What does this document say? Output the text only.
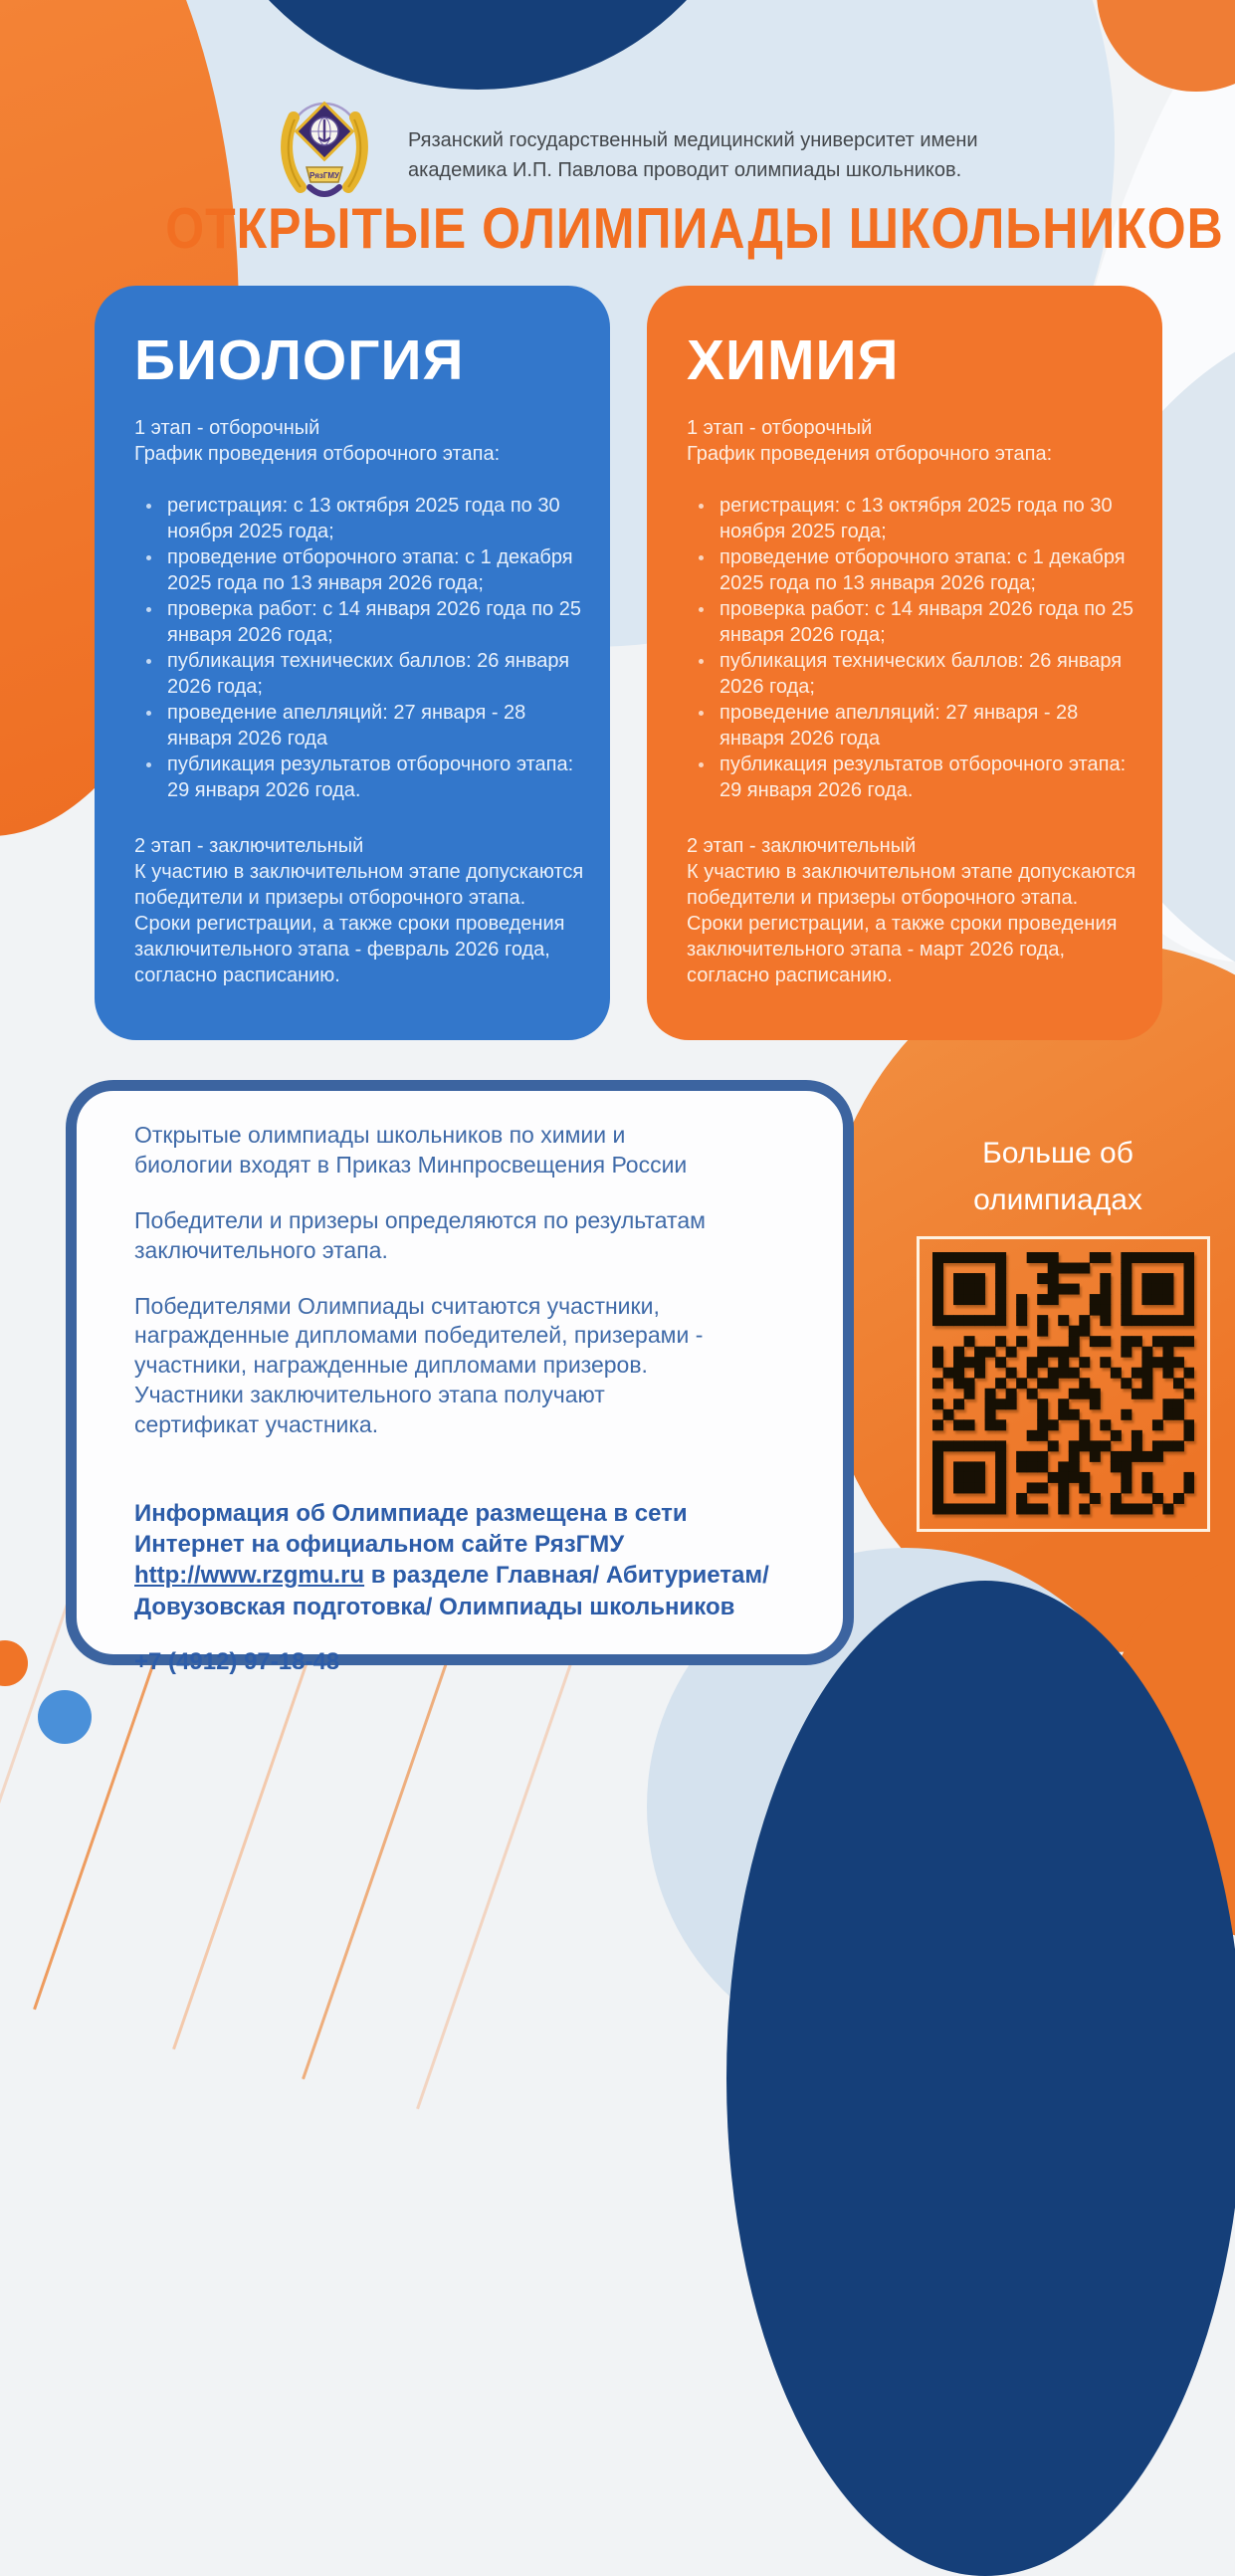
РязГМУ
Рязанский государственный медицинский университет имени
академика И.П. Павлова проводит олимпиады школьников.
ОТКРЫТЫЕ ОЛИМПИАДЫ ШКОЛЬНИКОВ
БИОЛОГИЯ
1 этап - отборочный
График проведения отборочного этапа:
регистрация: с 13 октября 2025 года по 30 ноября 2025 года;
проведение отборочного этапа: с 1 декабря 2025 года по 13 января 2026 года;
проверка работ: с 14 января 2026 года по 25 января 2026 года;
публикация технических баллов: 26 января 2026 года;
проведение апелляций: 27 января - 28 января 2026 года
публикация результатов отборочного этапа: 29 января 2026 года.
2 этап - заключительный
К участию в заключительном этапе допускаются победители и призеры отборочного этапа. Сроки регистрации, а также сроки проведения заключительного этапа - февраль 2026 года, согласно расписанию.
ХИМИЯ
1 этап - отборочный
График проведения отборочного этапа:
регистрация: с 13 октября 2025 года по 30 ноября 2025 года;
проведение отборочного этапа: с 1 декабря 2025 года по 13 января 2026 года;
проверка работ: с 14 января 2026 года по 25 января 2026 года;
публикация технических баллов: 26 января 2026 года;
проведение апелляций: 27 января - 28 января 2026 года
публикация результатов отборочного этапа: 29 января 2026 года.
2 этап - заключительный
К участию в заключительном этапе допускаются победители и призеры отборочного этапа. Сроки регистрации, а также сроки проведения заключительного этапа - март 2026 года, согласно расписанию.

Открытые олимпиады школьников по химии и биологии входят в Приказ Минпросвещения России

Победители и призеры определяются по результатам заключительного этапа.

Победителями Олимпиады считаются участники, награжденные дипломами победителей, призерами - участники, награжденные дипломами призеров. Участники заключительного этапа получают сертификат участника.

Информация об Олимпиаде размещена в сети Интернет на официальном сайте РязГМУ http://www.rzgmu.ru в разделе Главная/ Абитуриетам/ Довузовская подготовка/ Олимпиады школьников
+7 (4912) 97-18-48
Больше об
олимпиадах
